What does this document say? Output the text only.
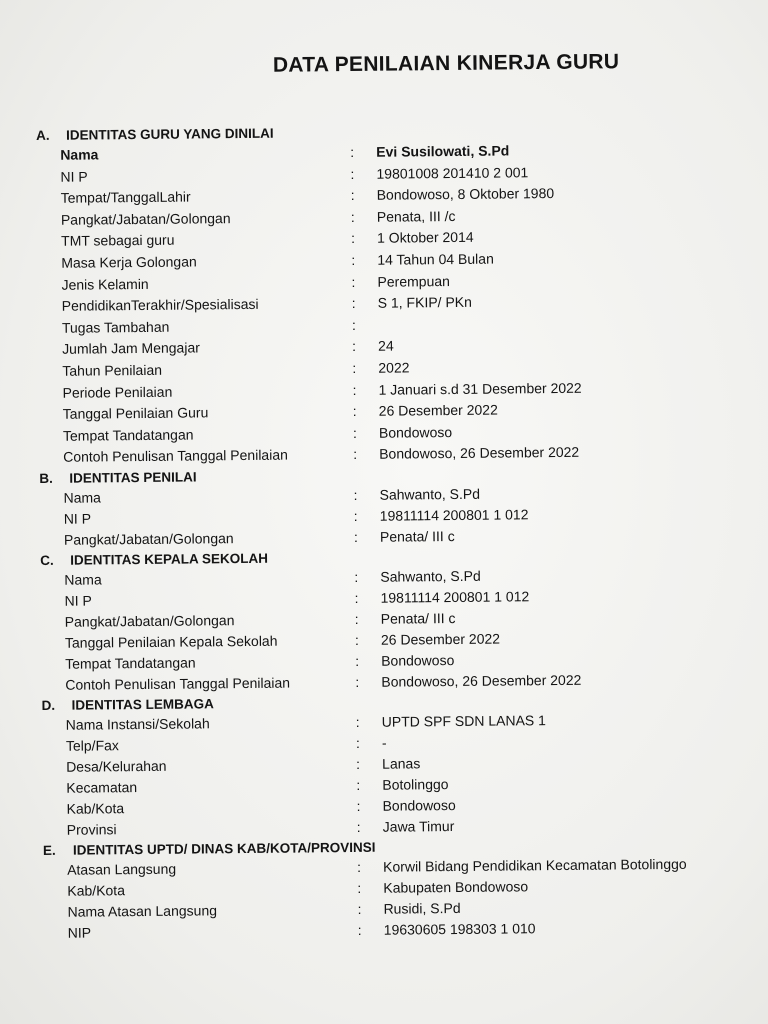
DATA PENILAIAN KINERJA GURU
A.	IDENTITAS GURU YANG DINILAI
Nama	:	Evi Susilowati, S.Pd
NI P	:	19801008 201410 2 001
Tempat/TanggalLahir	:	Bondowoso, 8 Oktober 1980
Pangkat/Jabatan/Golongan	:	Penata, III /c
TMT sebagai guru	:	1 Oktober 2014
Masa Kerja Golongan	:	14 Tahun 04 Bulan
Jenis Kelamin	:	Perempuan
PendidikanTerakhir/Spesialisasi	:	S 1, FKIP/ PKn
Tugas Tambahan	:
Jumlah Jam Mengajar	:	24
Tahun Penilaian	:	2022
Periode Penilaian	:	1 Januari s.d 31 Desember 2022
Tanggal Penilaian Guru	:	26 Desember 2022
Tempat Tandatangan	:	Bondowoso
Contoh Penulisan Tanggal Penilaian	:	Bondowoso, 26 Desember 2022
B.	IDENTITAS PENILAI
Nama	:	Sahwanto, S.Pd
NI P	:	19811114 200801 1 012
Pangkat/Jabatan/Golongan	:	Penata/ III c
C.	IDENTITAS KEPALA SEKOLAH
Nama	:	Sahwanto, S.Pd
NI P	:	19811114 200801 1 012
Pangkat/Jabatan/Golongan	:	Penata/ III c
Tanggal Penilaian Kepala Sekolah	:	26 Desember 2022
Tempat Tandatangan	:	Bondowoso
Contoh Penulisan Tanggal Penilaian	:	Bondowoso, 26 Desember 2022
D.	IDENTITAS LEMBAGA
Nama Instansi/Sekolah	:	UPTD SPF SDN LANAS 1
Telp/Fax	:	-
Desa/Kelurahan	:	Lanas
Kecamatan	:	Botolinggo
Kab/Kota	:	Bondowoso
Provinsi	:	Jawa Timur
E.	IDENTITAS UPTD/ DINAS KAB/KOTA/PROVINSI
Atasan Langsung	:	Korwil Bidang Pendidikan Kecamatan Botolinggo
Kab/Kota	:	Kabupaten Bondowoso
Nama Atasan Langsung	:	Rusidi, S.Pd
NIP	:	19630605 198303 1 010
